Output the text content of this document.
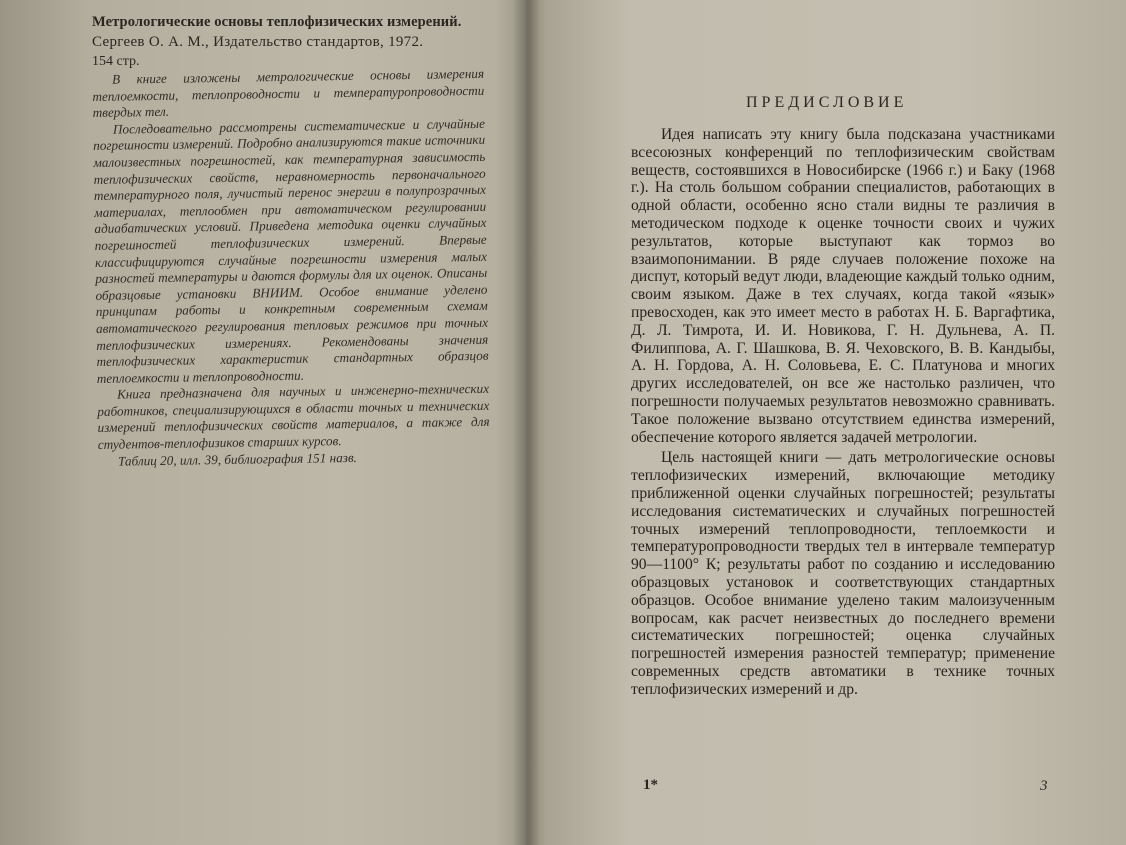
Метрологические основы теплофизических измерений.
Сергеев О. А. М., Издательство стандартов, 1972.
154 стр.

В книге изложены метрологические основы измерения теплоемкости, теплопроводности и температуропроводности твердых тел.

Последовательно рассмотрены систематические и случайные погрешности измерений. Подробно анализируются такие источники малоизвестных погрешностей, как температурная зависимость теплофизических свойств, неравномерность первоначального температурного поля, лучистый перенос энергии в полупрозрачных материалах, теплообмен при автоматическом регулировании адиабатических условий. Приведена методика оценки случайных погрешностей теплофизических измерений. Впервые классифицируются случайные погрешности измерения малых разностей температуры и даются формулы для их оценок. Описаны образцовые установки ВНИИМ. Особое внимание уделено принципам работы и конкретным современным схемам автоматического регулирования тепловых режимов при точных теплофизических измерениях. Рекомендованы значения теплофизических характеристик стандартных образцов теплоемкости и теплопроводности.

Книга предназначена для научных и инженерно-технических работников, специализирующихся в области точных и технических измерений теплофизических свойств материалов, а также для студентов-теплофизиков старших курсов.

Таблиц 20, илл. 39, библиография 151 назв.

ПРЕДИСЛОВИЕ

Идея написать эту книгу была подсказана участниками всесоюзных конференций по теплофизическим свойствам веществ, состоявшихся в Новосибирске (1966 г.) и Баку (1968 г.). На столь большом собрании специалистов, работающих в одной области, особенно ясно стали видны те различия в методическом подходе к оценке точности своих и чужих результатов, которые выступают как тормоз во взаимопонимании. В ряде случаев положение похоже на диспут, который ведут люди, владеющие каждый только одним, своим языком. Даже в тех случаях, когда такой «язык» превосходен, как это имеет место в работах Н. Б. Варгафтика, Д. Л. Тимрота, И. И. Новикова, Г. Н. Дульнева, А. П. Филиппова, А. Г. Шашкова, В. Я. Чеховского, В. В. Кандыбы, А. Н. Гордова, А. Н. Соловьева, Е. С. Платунова и многих других исследователей, он все же настолько различен, что погрешности получаемых результатов невозможно сравнивать. Такое положение вызвано отсутствием единства измерений, обеспечение которого является задачей метрологии.

Цель настоящей книги — дать метрологические основы теплофизических измерений, включающие методику приближенной оценки случайных погрешностей; результаты исследования систематических и случайных погрешностей точных измерений теплопроводности, теплоемкости и температуропроводности твердых тел в интервале температур 90—1100° К; результаты работ по созданию и исследованию образцовых установок и соответствующих стандартных образцов. Особое внимание уделено таким малоизученным вопросам, как расчет неизвестных до последнего времени систематических погрешностей; оценка случайных погрешностей измерения разностей температур; применение современных средств автоматики в технике точных теплофизических измерений и др.

1*	3
